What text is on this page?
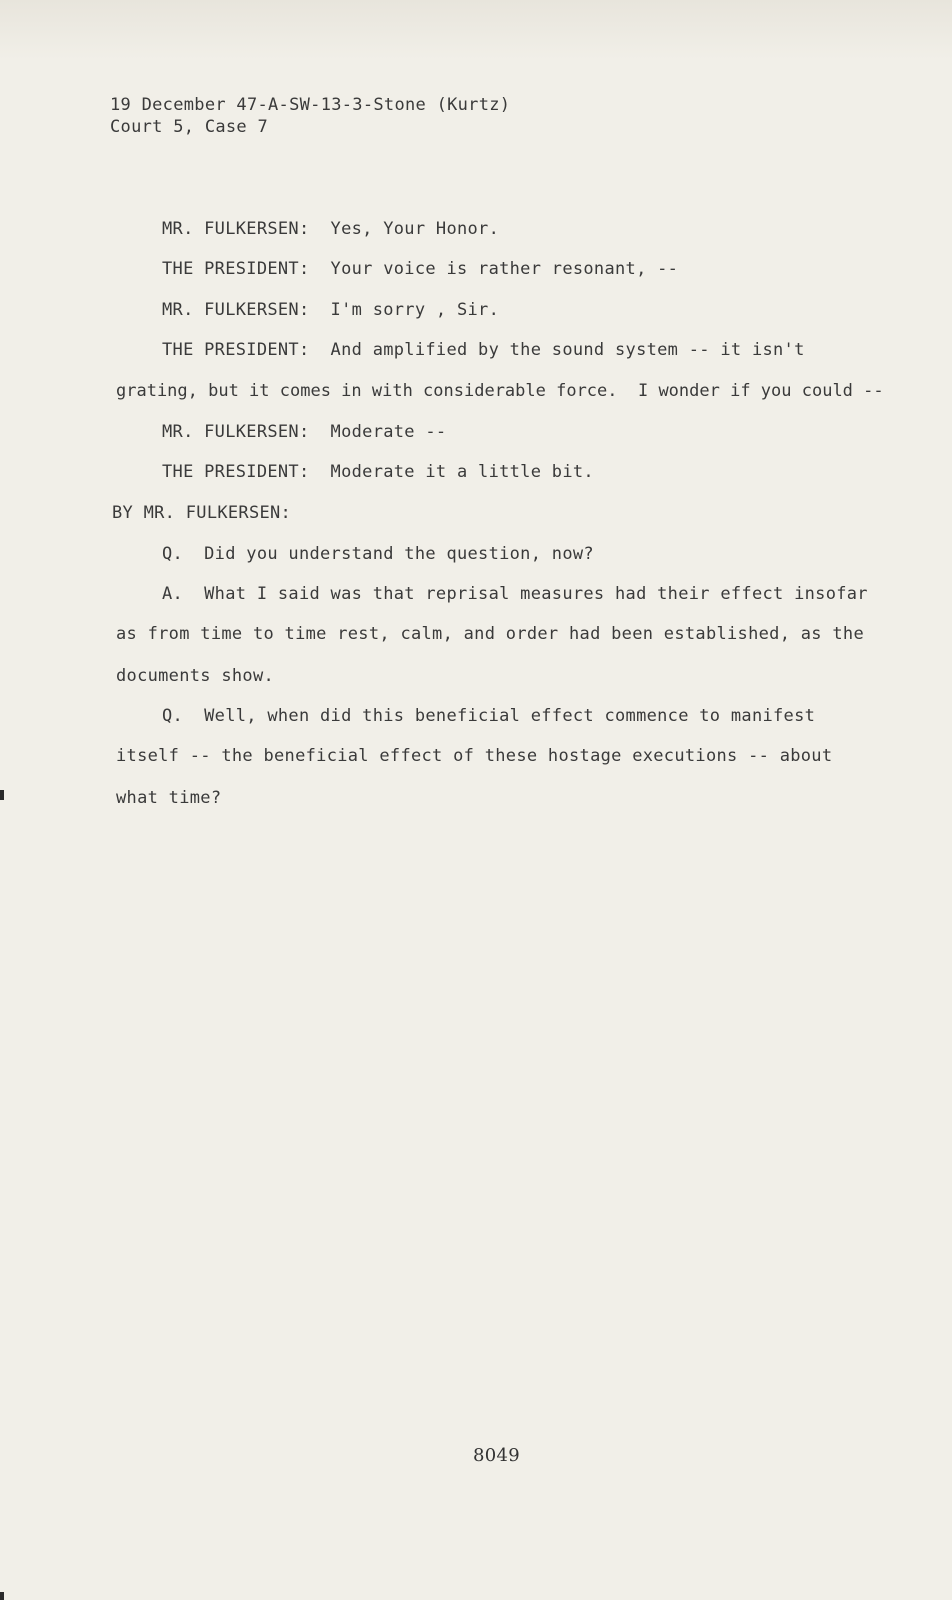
19 December 47-A-SW-13-3-Stone (Kurtz)
Court 5, Case 7
MR. FULKERSEN:  Yes, Your Honor.
THE PRESIDENT:  Your voice is rather resonant, --
MR. FULKERSEN:  I'm sorry , Sir.
THE PRESIDENT:  And amplified by the sound system -- it isn't
grating, but it comes in with considerable force.  I wonder if you could --
MR. FULKERSEN:  Moderate --
THE PRESIDENT:  Moderate it a little bit.
BY MR. FULKERSEN:
Q.  Did you understand the question, now?
A.  What I said was that reprisal measures had their effect insofar
as from time to time rest, calm, and order had been established, as the
documents show.
Q.  Well, when did this beneficial effect commence to manifest
itself -- the beneficial effect of these hostage executions -- about
what time?
8049
